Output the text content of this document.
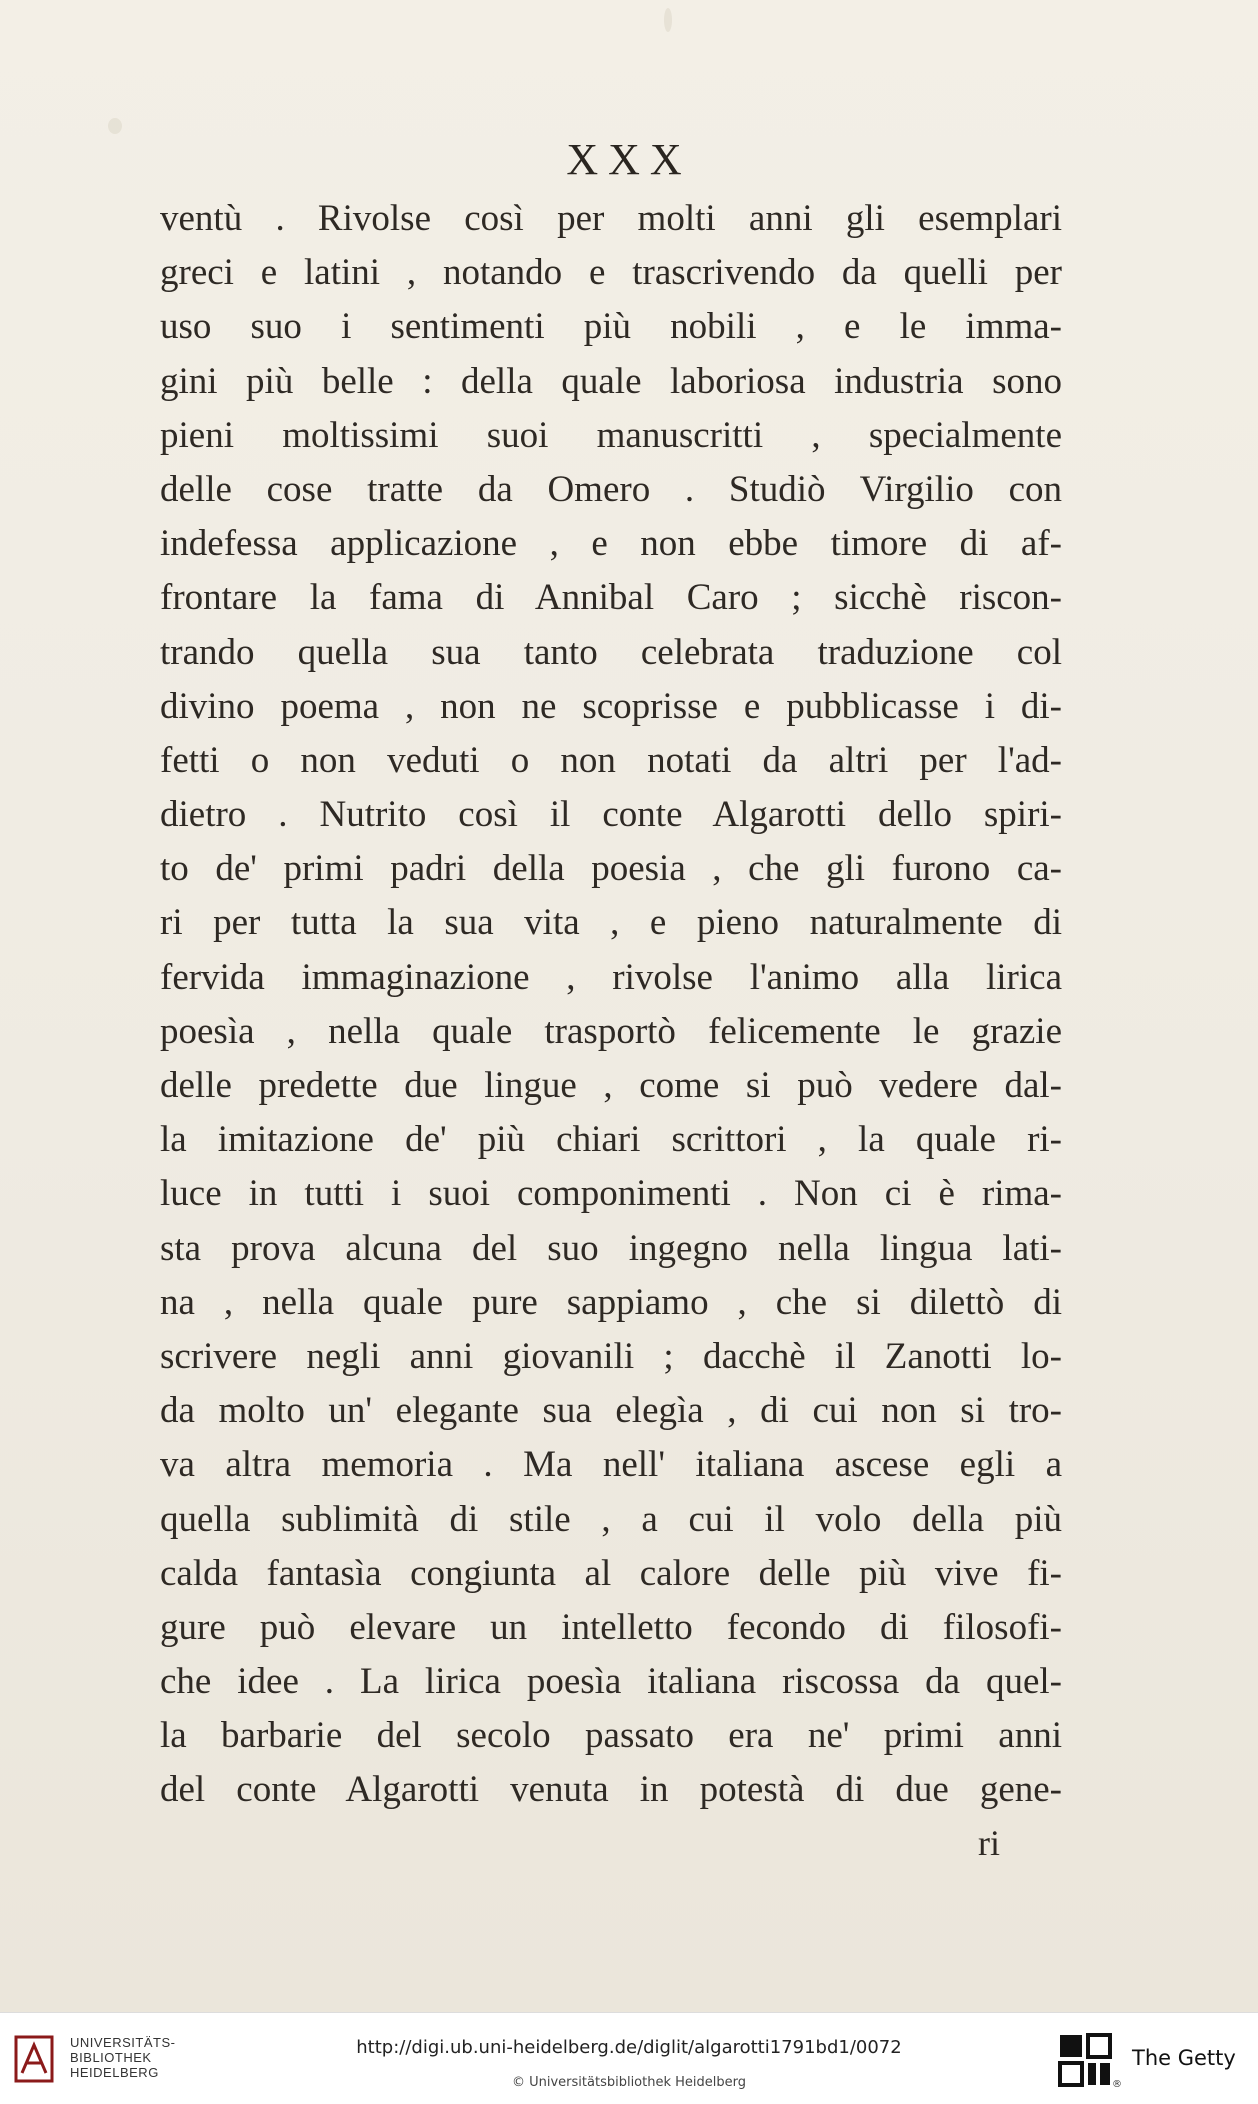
XXX
ventù . Rivolse così per molti anni gli esemplari
greci e latini , notando e trascrivendo da quelli per
uso suo i sentimenti più nobili , e le imma-
gini più belle : della quale laboriosa industria sono
pieni moltissimi suoi manuscritti , specialmente
delle cose tratte da Omero . Studiò Virgilio con
indefessa applicazione , e non ebbe timore di af-
frontare la fama di Annibal Caro ; sicchè riscon-
trando quella sua tanto celebrata traduzione col
divino poema , non ne scoprisse e pubblicasse i di-
fetti o non veduti o non notati da altri per l'ad-
dietro . Nutrito così il conte Algarotti dello spiri-
to de' primi padri della poesia , che gli furono ca-
ri per tutta la sua vita , e pieno naturalmente di
fervida immaginazione , rivolse l'animo alla lirica
poesìa , nella quale trasportò felicemente le grazie
delle predette due lingue , come si può vedere dal-
la imitazione de' più chiari scrittori , la quale ri-
luce in tutti i suoi componimenti . Non ci è rima-
sta prova alcuna del suo ingegno nella lingua lati-
na , nella quale pure sappiamo , che si dilettò di
scrivere negli anni giovanili ; dacchè il Zanotti lo-
da molto un' elegante sua elegìa , di cui non si tro-
va altra memoria . Ma nell' italiana ascese egli a
quella sublimità di stile , a cui il volo della più
calda fantasìa congiunta al calore delle più vive fi-
gure può elevare un intelletto fecondo di filosofi-
che idee . La lirica poesìa italiana riscossa da quel-
la barbarie del secolo passato era ne' primi anni
del conte Algarotti venuta in potestà di due gene-
ri
UNIVERSITÄTS-
BIBLIOTHEK
HEIDELBERG
http://digi.ub.uni-heidelberg.de/diglit/algarotti1791bd1/0072
© Universitätsbibliothek Heidelberg	®
The Getty
